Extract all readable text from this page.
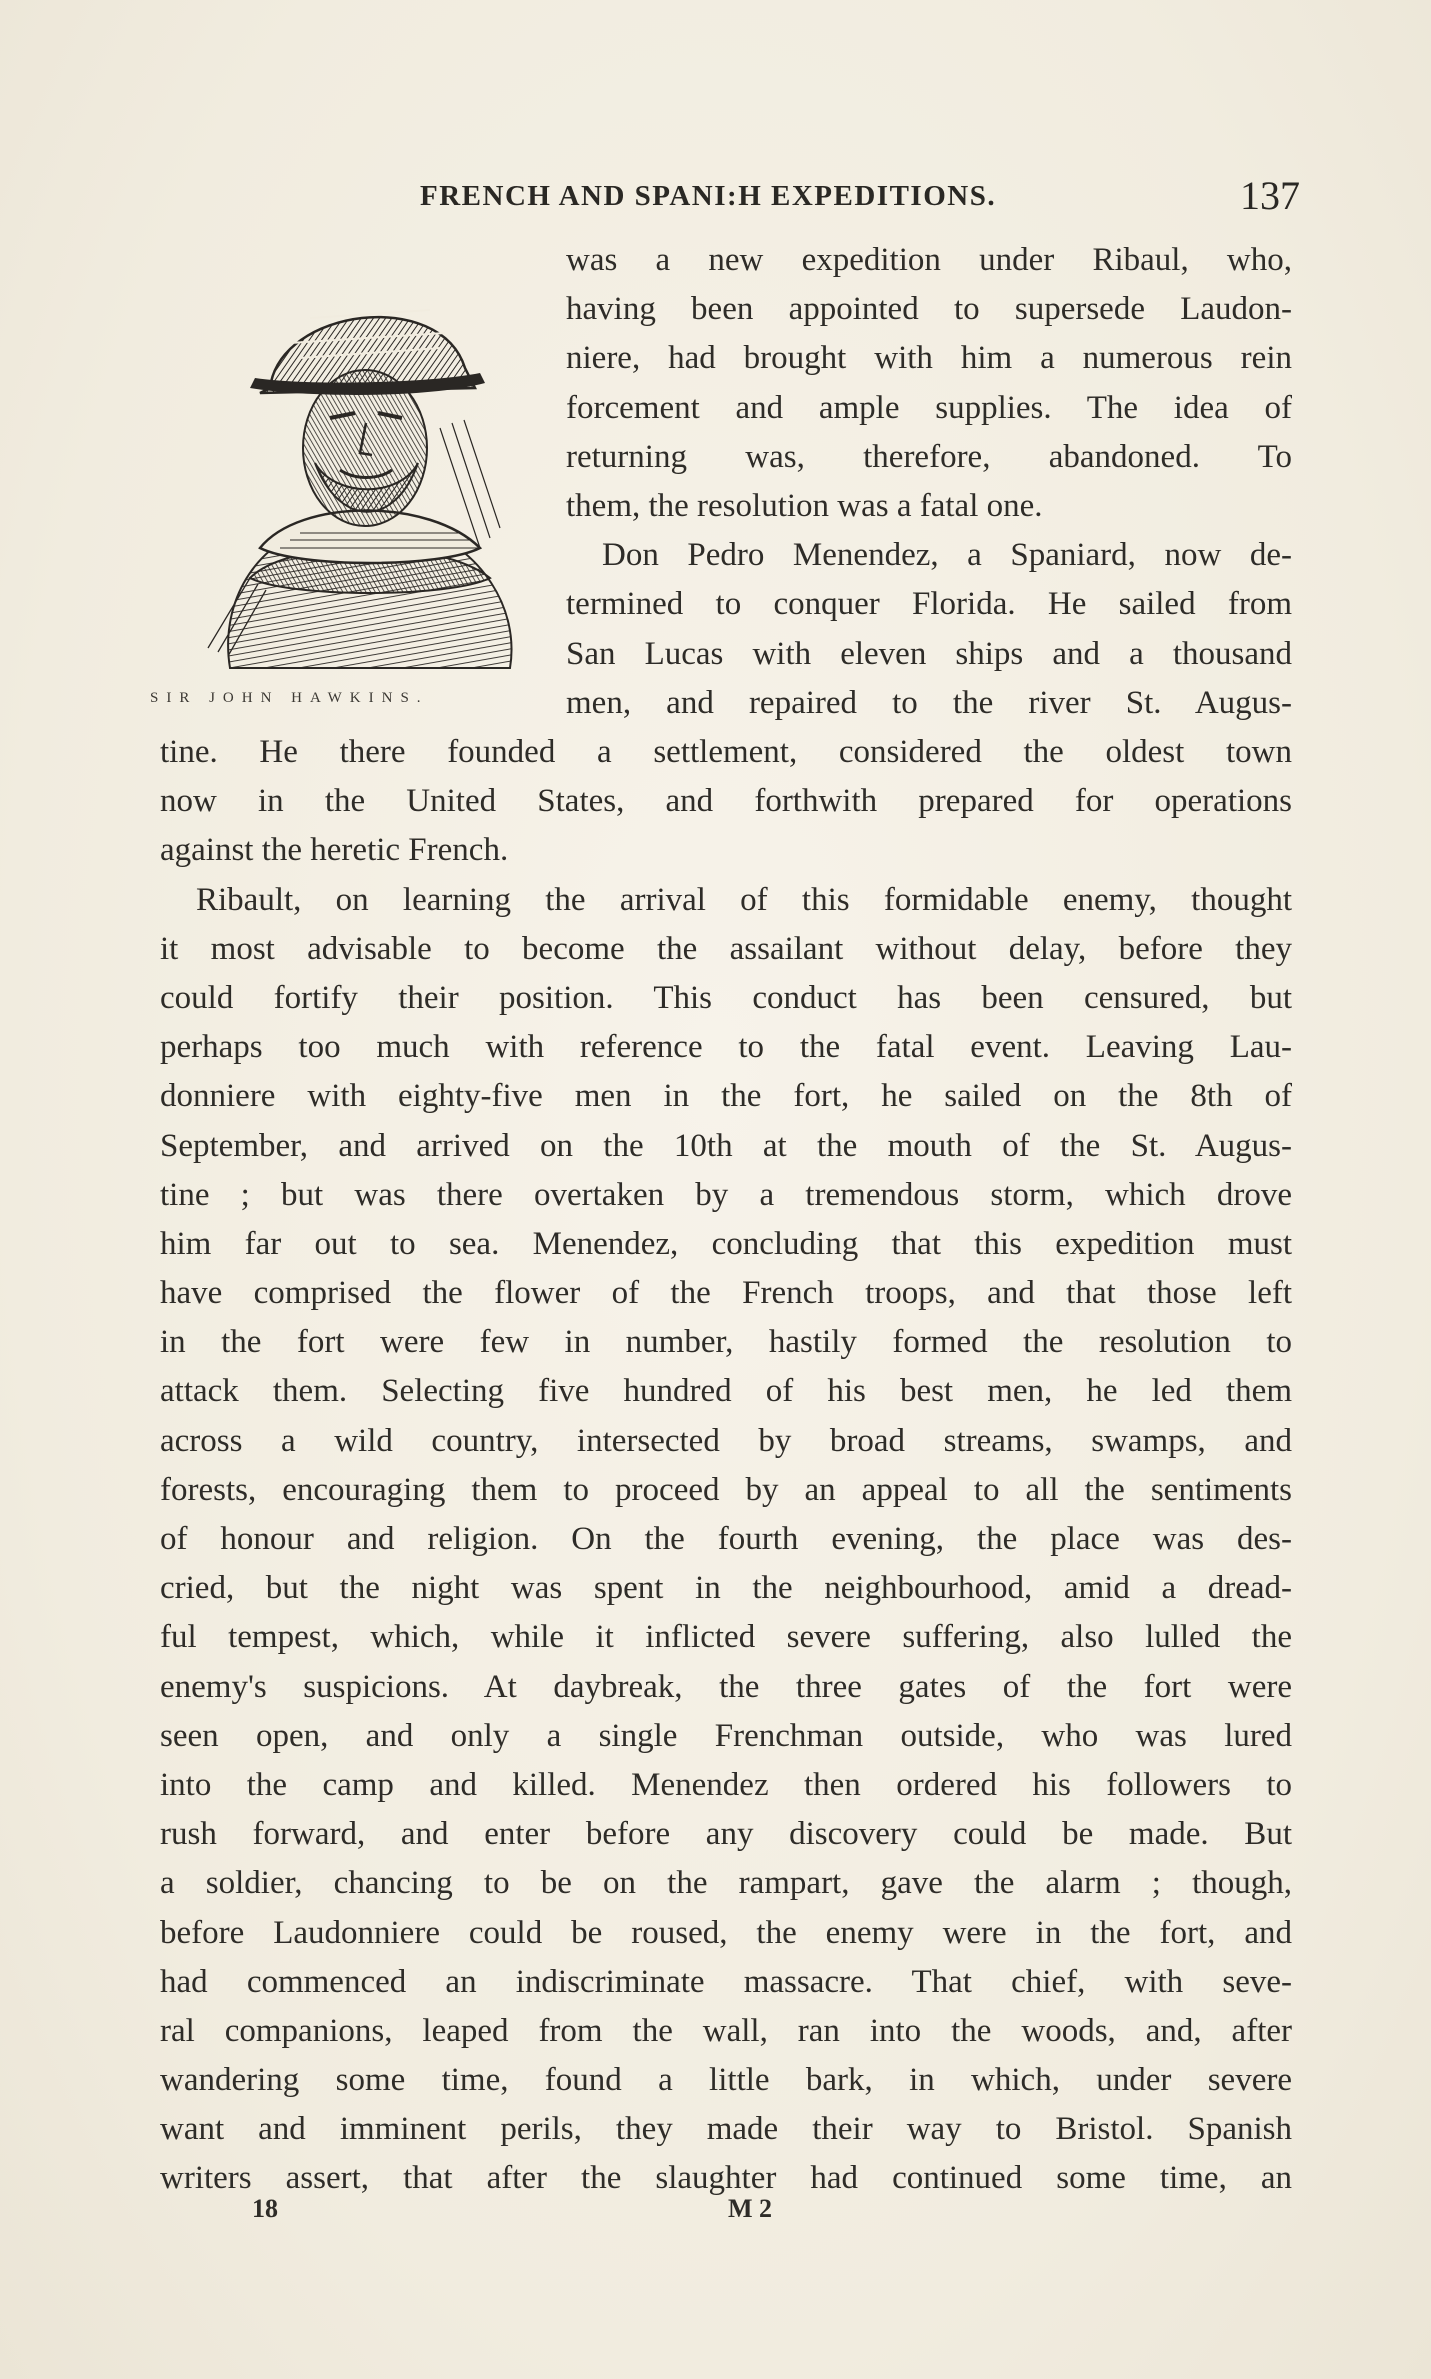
FRENCH AND SPANI:H EXPEDITIONS.	137
SIR JOHN HAWKINS.
was a new expedition under Ribaul, who,
having been appointed to supersede Laudon-
niere, had brought with him a numerous rein
forcement and ample supplies. The idea of
returning was, therefore, abandoned. To
them, the resolution was a fatal one.
Don Pedro Menendez, a Spaniard, now de-
termined to conquer Florida. He sailed from
San Lucas with eleven ships and a thousand
men, and repaired to the river St. Augus-
tine. He there founded a settlement, considered the oldest town
now in the United States, and forthwith prepared for operations
against the heretic French.
Ribault, on learning the arrival of this formidable enemy, thought
it most advisable to become the assailant without delay, before they
could fortify their position. This conduct has been censured, but
perhaps too much with reference to the fatal event. Leaving Lau-
donniere with eighty-five men in the fort, he sailed on the 8th of
September, and arrived on the 10th at the mouth of the St. Augus-
tine ; but was there overtaken by a tremendous storm, which drove
him far out to sea. Menendez, concluding that this expedition must
have comprised the flower of the French troops, and that those left
in the fort were few in number, hastily formed the resolution to
attack them. Selecting five hundred of his best men, he led them
across a wild country, intersected by broad streams, swamps, and
forests, encouraging them to proceed by an appeal to all the sentiments
of honour and religion. On the fourth evening, the place was des-
cried, but the night was spent in the neighbourhood, amid a dread-
ful tempest, which, while it inflicted severe suffering, also lulled the
enemy's suspicions. At daybreak, the three gates of the fort were
seen open, and only a single Frenchman outside, who was lured
into the camp and killed. Menendez then ordered his followers to
rush forward, and enter before any discovery could be made. But
a soldier, chancing to be on the rampart, gave the alarm ; though,
before Laudonniere could be roused, the enemy were in the fort, and
had commenced an indiscriminate massacre. That chief, with seve-
ral companions, leaped from the wall, ran into the woods, and, after
wandering some time, found a little bark, in which, under severe
want and imminent perils, they made their way to Bristol. Spanish
writers assert, that after the slaughter had continued some time, an
18	M 2
